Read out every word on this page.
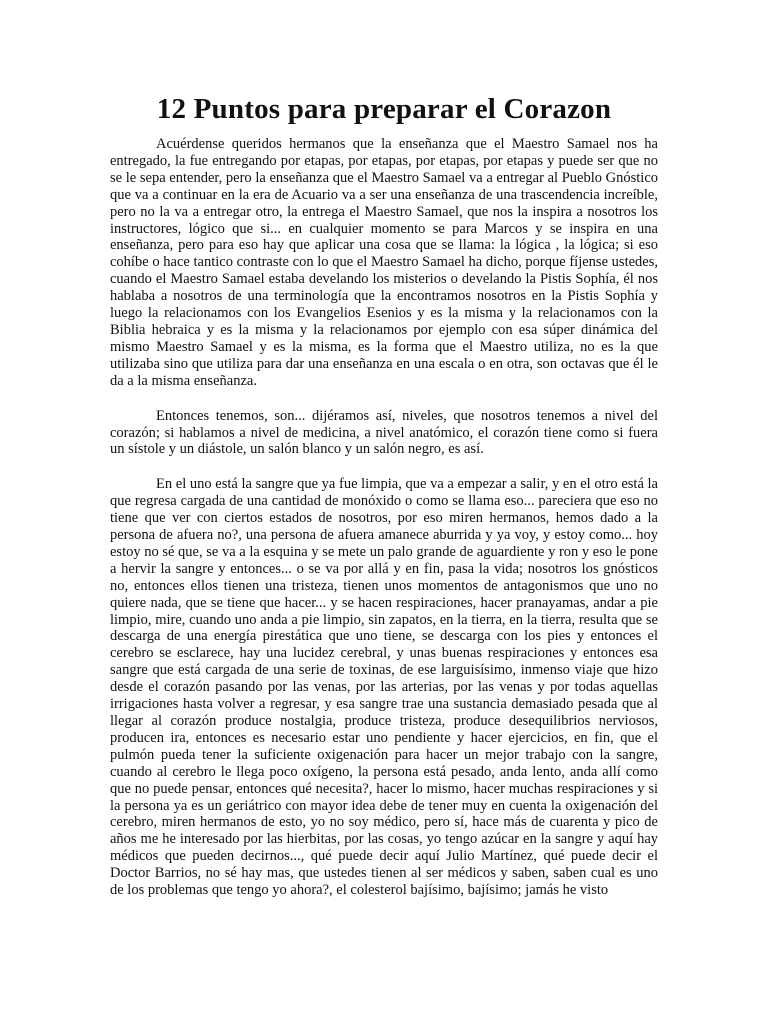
12 Puntos para preparar el Corazon

Acuérdense queridos hermanos que la enseñanza que el Maestro Samael nos ha entregado, la fue entregando por etapas, por etapas, por etapas, por etapas y puede ser que no se le sepa entender, pero la enseñanza que el Maestro Samael va a entregar al Pueblo Gnóstico que va a continuar en la era de Acuario va a ser una enseñanza de una trascendencia increíble, pero no la va a entregar otro, la entrega el Maestro Samael, que nos la inspira a nosotros los instructores, lógico que si... en cualquier momento se para Marcos y se inspira en una enseñanza, pero para eso hay que aplicar una cosa que se llama: la lógica , la lógica; si eso cohíbe o hace tantico contraste con lo que el Maestro Samael ha dicho, porque fíjense ustedes, cuando el Maestro Samael estaba develando los misterios o develando la Pistis Sophía, él nos hablaba a nosotros de una terminología que la encontramos nosotros en la Pistis Sophía y luego la relacionamos con los Evangelios Esenios y es la misma y la relacionamos con la Biblia hebraica y es la misma y la relacionamos por ejemplo con esa súper dinámica del mismo Maestro Samael y es la misma, es la forma que el Maestro utiliza, no es la que utilizaba sino que utiliza para dar una enseñanza en una escala o en otra, son octavas que él le da a la misma enseñanza.

Entonces tenemos, son... dijéramos así, niveles, que nosotros tenemos a nivel del corazón; si hablamos a nivel de medicina, a nivel anatómico, el corazón tiene como si fuera un sístole y un diástole, un salón blanco y un salón negro, es así.

En el uno está la sangre que ya fue limpia, que va a empezar a salir, y en el otro está la que regresa cargada de una cantidad de monóxido o como se llama eso... pareciera que eso no tiene que ver con ciertos estados de nosotros, por eso miren hermanos, hemos dado a la persona de afuera no?, una persona de afuera amanece aburrida y ya voy, y estoy como... hoy estoy no sé que, se va a la esquina y se mete un palo grande de aguardiente y ron y eso le pone a hervir la sangre y entonces... o se va por allá y en fin, pasa la vida; nosotros los gnósticos no, entonces ellos tienen una tristeza, tienen unos momentos de antagonismos que uno no quiere nada, que se tiene que hacer... y se hacen respiraciones, hacer pranayamas, andar a pie limpio, mire, cuando uno anda a pie limpio, sin zapatos, en la tierra, en la tierra, resulta que se descarga de una energía pirestática que uno tiene, se descarga con los pies y entonces el cerebro se esclarece, hay una lucidez cerebral, y unas buenas respiraciones y entonces esa sangre que está cargada de una serie de toxinas, de ese larguisísimo, inmenso viaje que hizo desde el corazón pasando por las venas, por las arterias, por las venas y por todas aquellas irrigaciones hasta volver a regresar, y esa sangre trae una sustancia demasiado pesada que al llegar al corazón produce nostalgia, produce tristeza, produce desequilibrios nerviosos, producen ira, entonces es necesario estar uno pendiente y hacer ejercicios, en fin, que el pulmón pueda tener la suficiente oxigenación para hacer un mejor trabajo con la sangre, cuando al cerebro le llega poco oxígeno, la persona está pesado, anda lento, anda allí como que no puede pensar, entonces qué necesita?, hacer lo mismo, hacer muchas respiraciones y si la persona ya es un geriátrico con mayor idea debe de tener muy en cuenta la oxigenación del cerebro, miren hermanos de esto, yo no soy médico, pero sí, hace más de cuarenta y pico de años me he interesado por las hierbitas, por las cosas, yo tengo azúcar en la sangre y aquí hay médicos que pueden decirnos..., qué puede decir aquí Julio Martínez, qué puede decir el Doctor Barrios, no sé hay mas, que ustedes tienen al ser médicos y saben, saben cual es uno de los problemas que tengo yo ahora?, el colesterol bajísimo, bajísimo; jamás he visto
